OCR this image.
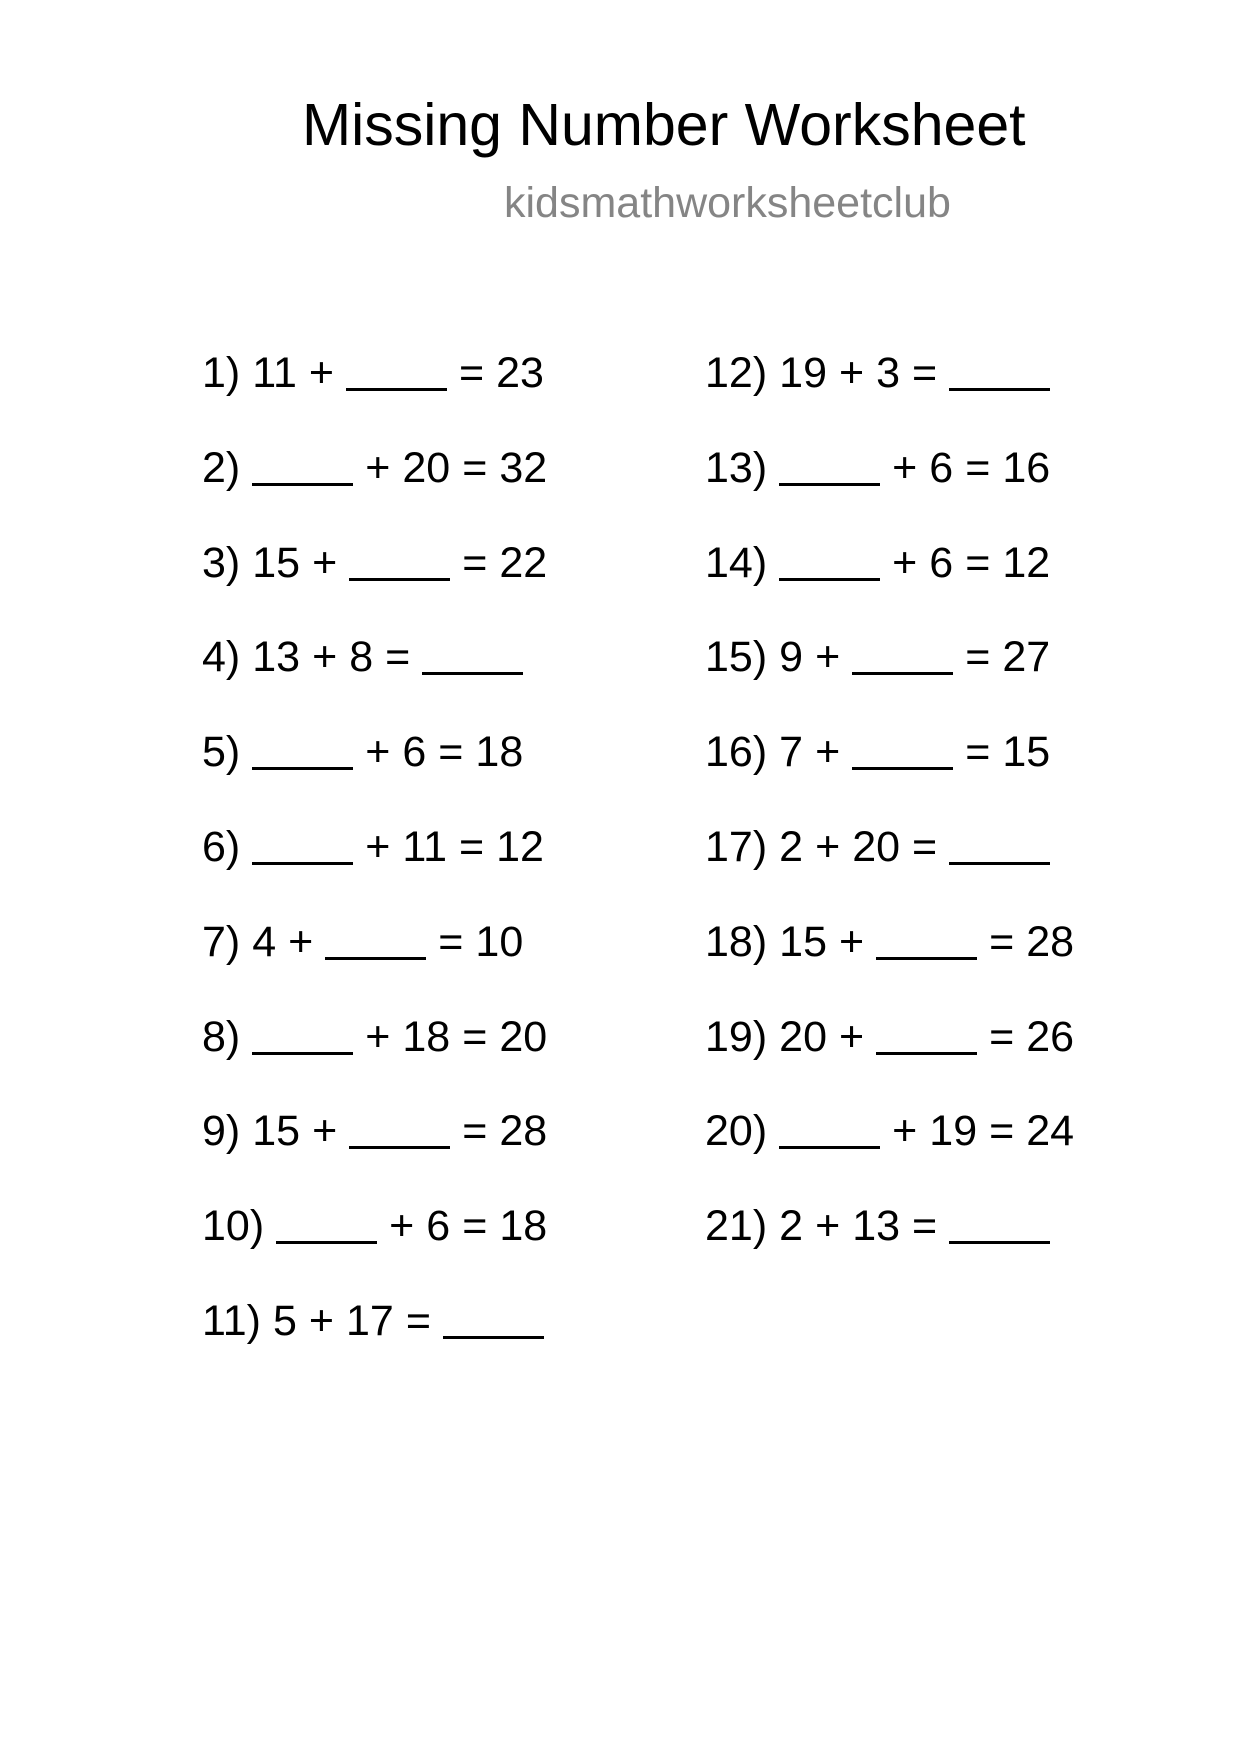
Missing Number Worksheet
kidsmathworksheetclub
1) 11 +	= 23
2)	+ 20 = 32
3) 15 +	= 22
4) 13 + 8 =
5)	+ 6 = 18
6)	+ 11 = 12
7) 4 +	= 10
8)	+ 18 = 20
9) 15 +	= 28
10)	+ 6 = 18
11) 5 + 17 =
12) 19 + 3 =
13)	+ 6 = 16
14)	+ 6 = 12
15) 9 +	= 27
16) 7 +	= 15
17) 2 + 20 =
18) 15 +	= 28
19) 20 +	= 26
20)	+ 19 = 24
21) 2 + 13 =
